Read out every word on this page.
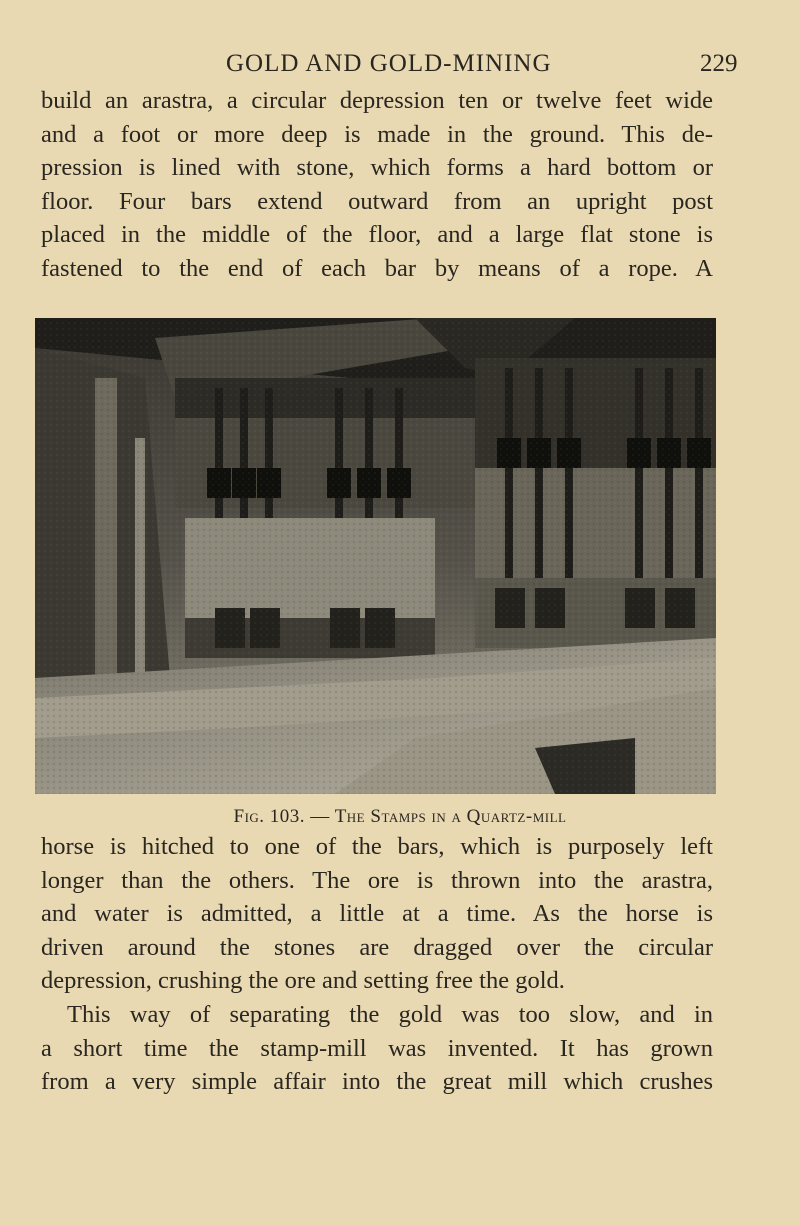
GOLD AND GOLD-MINING	229
build an arastra, a circular depression ten or twelve feet wide
and a foot or more deep is made in the ground. This de-
pression is lined with stone, which forms a hard bottom or
floor. Four bars extend outward from an upright post
placed in the middle of the floor, and a large flat stone is
fastened to the end of each bar by means of a rope. A
Fig. 103. — The Stamps in a Quartz-mill
horse is hitched to one of the bars, which is purposely left
longer than the others. The ore is thrown into the arastra,
and water is admitted, a little at a time. As the horse is
driven around the stones are dragged over the circular
depression, crushing the ore and setting free the gold.
This way of separating the gold was too slow, and in
a short time the stamp-mill was invented. It has grown
from a very simple affair into the great mill which crushes
